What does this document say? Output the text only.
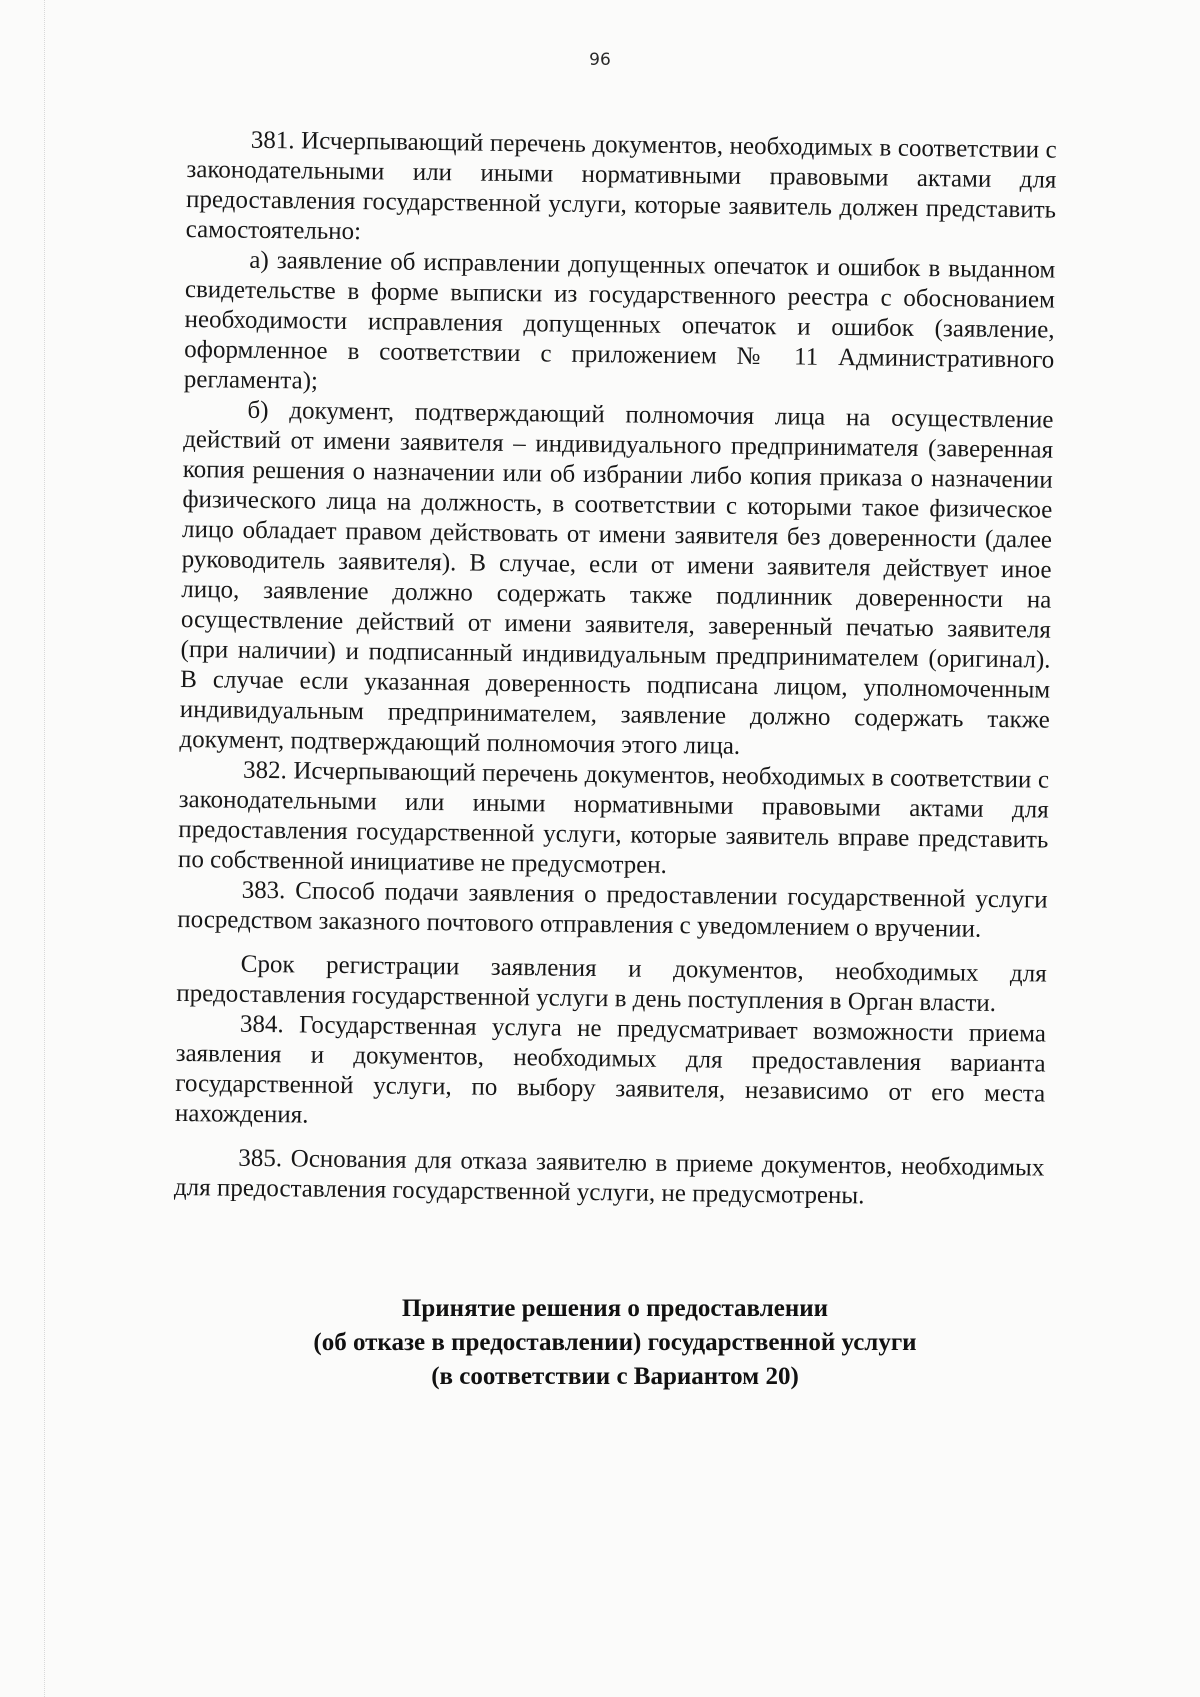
96

381. Исчерпывающий перечень документов, необходимых в соответствии с законодательными или иными нормативными правовыми актами для предоставления государственной услуги, которые заявитель должен представить самостоятельно:

а) заявление об исправлении допущенных опечаток и ошибок в выданном свидетельстве в форме выписки из государственного реестра с обоснованием необходимости исправления допущенных опечаток и ошибок (заявление, оформленное в соответствии с приложением № 11 Административного регламента);

б) документ, подтверждающий полномочия лица на осуществление действий от имени заявителя – индивидуального предпринимателя (заверенная копия решения о назначении или об избрании либо копия приказа о назначении физического лица на должность, в соответствии с которыми такое физическое лицо обладает правом действовать от имени заявителя без доверенности (далее руководитель заявителя). В случае, если от имени заявителя действует иное лицо, заявление должно содержать также подлинник доверенности на осуществление действий от имени заявителя, заверенный печатью заявителя (при наличии) и подписанный индивидуальным предпринимателем (оригинал). В случае если указанная доверенность подписана лицом, уполномоченным индивидуальным предпринимателем, заявление должно содержать также документ, подтверждающий полномочия этого лица.

382. Исчерпывающий перечень документов, необходимых в соответствии с законодательными или иными нормативными правовыми актами для предоставления государственной услуги, которые заявитель вправе представить по собственной инициативе не предусмотрен.

383. Способ подачи заявления о предоставлении государственной услуги посредством заказного почтового отправления с уведомлением о вручении.

Срок регистрации заявления и документов, необходимых для предоставления государственной услуги в день поступления в Орган власти.

384. Государственная услуга не предусматривает возможности приема заявления и документов, необходимых для предоставления варианта государственной услуги, по выбору заявителя, независимо от его места нахождения.

385. Основания для отказа заявителю в приеме документов, необходимых для предоставления государственной услуги, не предусмотрены.

Принятие решения о предоставлении
(об отказе в предоставлении) государственной услуги
(в соответствии с Вариантом 20)
